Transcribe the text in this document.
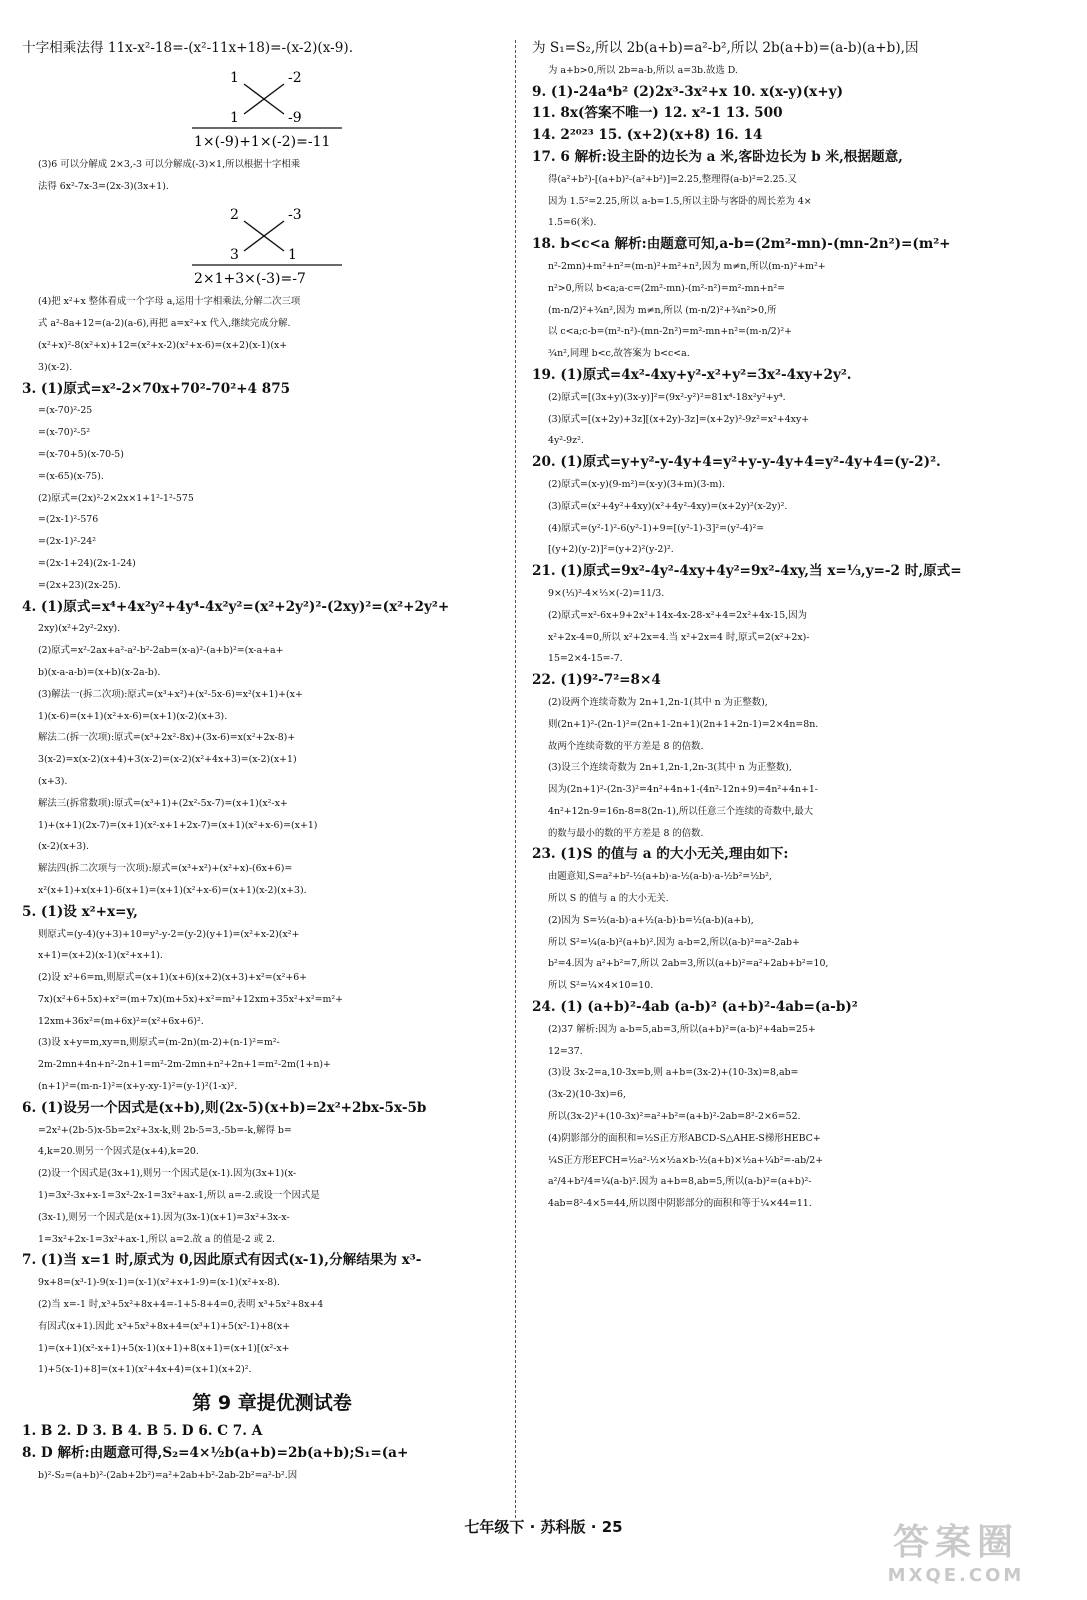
十字相乘法得 11x-x²-18=-(x²-11x+18)=-(x-2)(x-9).
1	-2
1	-9
1×(-9)+1×(-2)=-11
(3)6 可以分解成 2×3,-3 可以分解成(-3)×1,所以根据十字相乘
法得 6x²-7x-3=(2x-3)(3x+1).
2	-3
3	1
2×1+3×(-3)=-7
(4)把 x²+x 整体看成一个字母 a,运用十字相乘法,分解二次三项
式 a²-8a+12=(a-2)(a-6),再把 a=x²+x 代入,继续完成分解.
(x²+x)²-8(x²+x)+12=(x²+x-2)(x²+x-6)=(x+2)(x-1)(x+
3)(x-2).
3. (1)原式=x²-2×70x+70²-70²+4 875
=(x-70)²-25
=(x-70)²-5²
=(x-70+5)(x-70-5)
=(x-65)(x-75).
(2)原式=(2x)²-2×2x×1+1²-1²-575
=(2x-1)²-576
=(2x-1)²-24²
=(2x-1+24)(2x-1-24)
=(2x+23)(2x-25).
4. (1)原式=x⁴+4x²y²+4y⁴-4x²y²=(x²+2y²)²-(2xy)²=(x²+2y²+
2xy)(x²+2y²-2xy).
(2)原式=x²-2ax+a²-a²-b²-2ab=(x-a)²-(a+b)²=(x-a+a+
b)(x-a-a-b)=(x+b)(x-2a-b).
(3)解法一(拆二次项):原式=(x³+x²)+(x²-5x-6)=x²(x+1)+(x+
1)(x-6)=(x+1)(x²+x-6)=(x+1)(x-2)(x+3).
解法二(拆一次项):原式=(x³+2x²-8x)+(3x-6)=x(x²+2x-8)+
3(x-2)=x(x-2)(x+4)+3(x-2)=(x-2)(x²+4x+3)=(x-2)(x+1)
(x+3).
解法三(拆常数项):原式=(x³+1)+(2x²-5x-7)=(x+1)(x²-x+
1)+(x+1)(2x-7)=(x+1)(x²-x+1+2x-7)=(x+1)(x²+x-6)=(x+1)
(x-2)(x+3).
解法四(拆二次项与一次项):原式=(x³+x²)+(x²+x)-(6x+6)=
x²(x+1)+x(x+1)-6(x+1)=(x+1)(x²+x-6)=(x+1)(x-2)(x+3).
5. (1)设 x²+x=y,
则原式=(y-4)(y+3)+10=y²-y-2=(y-2)(y+1)=(x²+x-2)(x²+
x+1)=(x+2)(x-1)(x²+x+1).
(2)设 x²+6=m,则原式=(x+1)(x+6)(x+2)(x+3)+x²=(x²+6+
7x)(x²+6+5x)+x²=(m+7x)(m+5x)+x²=m²+12xm+35x²+x²=m²+
12xm+36x²=(m+6x)²=(x²+6x+6)².
(3)设 x+y=m,xy=n,则原式=(m-2n)(m-2)+(n-1)²=m²-
2m-2mn+4n+n²-2n+1=m²-2m-2mn+n²+2n+1=m²-2m(1+n)+
(n+1)²=(m-n-1)²=(x+y-xy-1)²=(y-1)²(1-x)².
6. (1)设另一个因式是(x+b),则(2x-5)(x+b)=2x²+2bx-5x-5b
=2x²+(2b-5)x-5b=2x²+3x-k,则 2b-5=3,-5b=-k,解得 b=
4,k=20.则另一个因式是(x+4),k=20.
(2)设一个因式是(3x+1),则另一个因式是(x-1).因为(3x+1)(x-
1)=3x²-3x+x-1=3x²-2x-1=3x²+ax-1,所以 a=-2.或设一个因式是
(3x-1),则另一个因式是(x+1).因为(3x-1)(x+1)=3x²+3x-x-
1=3x²+2x-1=3x²+ax-1,所以 a=2.故 a 的值是-2 或 2.
7. (1)当 x=1 时,原式为 0,因此原式有因式(x-1),分解结果为 x³-
9x+8=(x³-1)-9(x-1)=(x-1)(x²+x+1-9)=(x-1)(x²+x-8).
(2)当 x=-1 时,x³+5x²+8x+4=-1+5-8+4=0,表明 x³+5x²+8x+4
有因式(x+1).因此 x³+5x²+8x+4=(x³+1)+5(x²-1)+8(x+
1)=(x+1)(x²-x+1)+5(x-1)(x+1)+8(x+1)=(x+1)[(x²-x+
1)+5(x-1)+8]=(x+1)(x²+4x+4)=(x+1)(x+2)².
第 9 章提优测试卷
1. B 2. D 3. B 4. B 5. D 6. C 7. A
8. D 解析:由题意可得,S₂=4×½b(a+b)=2b(a+b);S₁=(a+
b)²-S₂=(a+b)²-(2ab+2b²)=a²+2ab+b²-2ab-2b²=a²-b².因
为 S₁=S₂,所以 2b(a+b)=a²-b²,所以 2b(a+b)=(a-b)(a+b),因
为 a+b>0,所以 2b=a-b,所以 a=3b.故选 D.
9. (1)-24a⁴b² (2)2x³-3x²+x 10. x(x-y)(x+y)
11. 8x(答案不唯一) 12. x²-1 13. 500
14. 2²⁰²³ 15. (x+2)(x+8) 16. 14
17. 6 解析:设主卧的边长为 a 米,客卧边长为 b 米,根据题意,
得(a²+b²)-[(a+b)²-(a²+b²)]=2.25,整理得(a-b)²=2.25.又
因为 1.5²=2.25,所以 a-b=1.5,所以主卧与客卧的周长差为 4×
1.5=6(米).
18. b<c<a 解析:由题意可知,a-b=(2m²-mn)-(mn-2n²)=(m²+
n²-2mn)+m²+n²=(m-n)²+m²+n²,因为 m≠n,所以(m-n)²+m²+
n²>0,所以 b<a;a-c=(2m²-mn)-(m²-n²)=m²-mn+n²=
(m-n/2)²+¾n²,因为 m≠n,所以 (m-n/2)²+¾n²>0,所
以 c<a;c-b=(m²-n²)-(mn-2n²)=m²-mn+n²=(m-n/2)²+
¾n²,同理 b<c,故答案为 b<c<a.
19. (1)原式=4x²-4xy+y²-x²+y²=3x²-4xy+2y².
(2)原式=[(3x+y)(3x-y)]²=(9x²-y²)²=81x⁴-18x²y²+y⁴.
(3)原式=[(x+2y)+3z][(x+2y)-3z]=(x+2y)²-9z²=x²+4xy+
4y²-9z².
20. (1)原式=y+y²-y-4y+4=y²+y-y-4y+4=y²-4y+4=(y-2)².
(2)原式=(x-y)(9-m²)=(x-y)(3+m)(3-m).
(3)原式=(x²+4y²+4xy)(x²+4y²-4xy)=(x+2y)²(x-2y)².
(4)原式=(y²-1)²-6(y²-1)+9=[(y²-1)-3]²=(y²-4)²=
[(y+2)(y-2)]²=(y+2)²(y-2)².
21. (1)原式=9x²-4y²-4xy+4y²=9x²-4xy,当 x=⅓,y=-2 时,原式=
9×(⅓)²-4×⅓×(-2)=11/3.
(2)原式=x²-6x+9+2x²+14x-4x-28-x²+4=2x²+4x-15,因为
x²+2x-4=0,所以 x²+2x=4.当 x²+2x=4 时,原式=2(x²+2x)-
15=2×4-15=-7.
22. (1)9²-7²=8×4
(2)设两个连续奇数为 2n+1,2n-1(其中 n 为正整数),
则(2n+1)²-(2n-1)²=(2n+1-2n+1)(2n+1+2n-1)=2×4n=8n.
故两个连续奇数的平方差是 8 的倍数.
(3)设三个连续奇数为 2n+1,2n-1,2n-3(其中 n 为正整数),
因为(2n+1)²-(2n-3)²=4n²+4n+1-(4n²-12n+9)=4n²+4n+1-
4n²+12n-9=16n-8=8(2n-1),所以任意三个连续的奇数中,最大
的数与最小的数的平方差是 8 的倍数.
23. (1)S 的值与 a 的大小无关,理由如下:
由题意知,S=a²+b²-½(a+b)·a-½(a-b)·a-½b²=½b²,
所以 S 的值与 a 的大小无关.
(2)因为 S=½(a-b)·a+½(a-b)·b=½(a-b)(a+b),
所以 S²=¼(a-b)²(a+b)².因为 a-b=2,所以(a-b)²=a²-2ab+
b²=4.因为 a²+b²=7,所以 2ab=3,所以(a+b)²=a²+2ab+b²=10,
所以 S²=¼×4×10=10.
24. (1) (a+b)²-4ab (a-b)² (a+b)²-4ab=(a-b)²
(2)37 解析:因为 a-b=5,ab=3,所以(a+b)²=(a-b)²+4ab=25+
12=37.
(3)设 3x-2=a,10-3x=b,则 a+b=(3x-2)+(10-3x)=8,ab=
(3x-2)(10-3x)=6,
所以(3x-2)²+(10-3x)²=a²+b²=(a+b)²-2ab=8²-2×6=52.
(4)阴影部分的面积和=½S正方形ABCD-S△AHE-S梯形HEBC+
¼S正方形EFCH=½a²-½×½a×b-½(a+b)×½a+¼b²=-ab/2+
a²/4+b²/4=¼(a-b)².因为 a+b=8,ab=5,所以(a-b)²=(a+b)²-
4ab=8²-4×5=44,所以图中阴影部分的面积和等于¼×44=11.
七年级下 · 苏科版 · 25	答案圈
MXQE.COM
